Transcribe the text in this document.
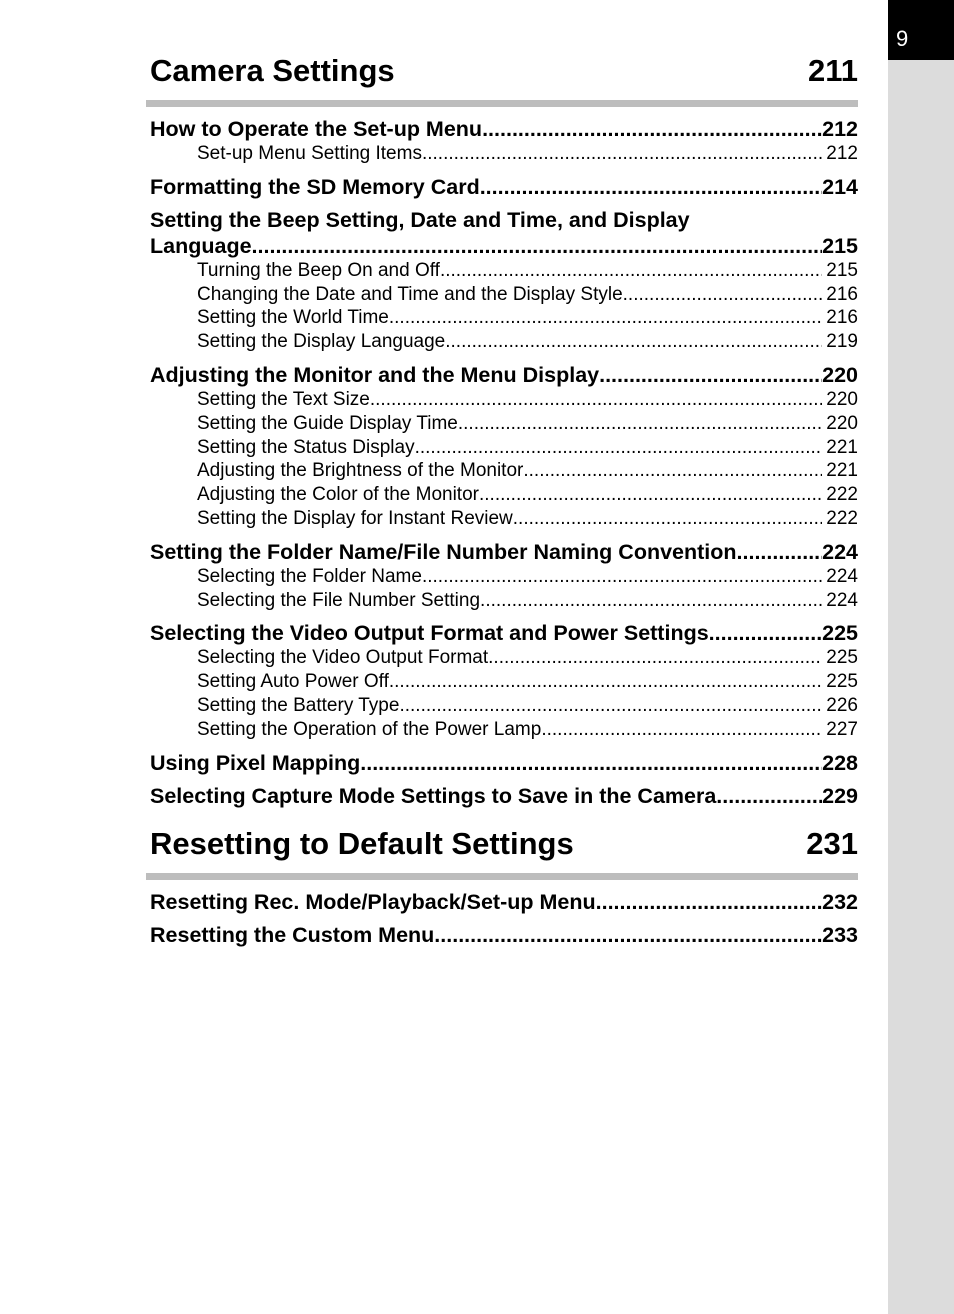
9
Camera Settings	211
How to Operate the Set-up Menu .....	212
Set-up Menu Setting Items .....	212
Formatting the SD Memory Card .....	214
Setting the Beep Setting, Date and Time, and Display
Language .....	215
Turning the Beep On and Off .....	215
Changing the Date and Time and the Display Style .....	216
Setting the World Time .....	216
Setting the Display Language .....	219
Adjusting the Monitor and the Menu Display .....	220
Setting the Text Size .....	220
Setting the Guide Display Time .....	220
Setting the Status Display .....	221
Adjusting the Brightness of the Monitor .....	221
Adjusting the Color of the Monitor .....	222
Setting the Display for Instant Review .....	222
Setting the Folder Name/File Number Naming Convention .....	224
Selecting the Folder Name .....	224
Selecting the File Number Setting .....	224
Selecting the Video Output Format and Power Settings .....	225
Selecting the Video Output Format .....	225
Setting Auto Power Off .....	225
Setting the Battery Type .....	226
Setting the Operation of the Power Lamp .....	227
Using Pixel Mapping .....	228
Selecting Capture Mode Settings to Save in the Camera .....	229
Resetting to Default Settings	231
Resetting Rec. Mode/Playback/Set-up Menu .....	232
Resetting the Custom Menu .....	233
